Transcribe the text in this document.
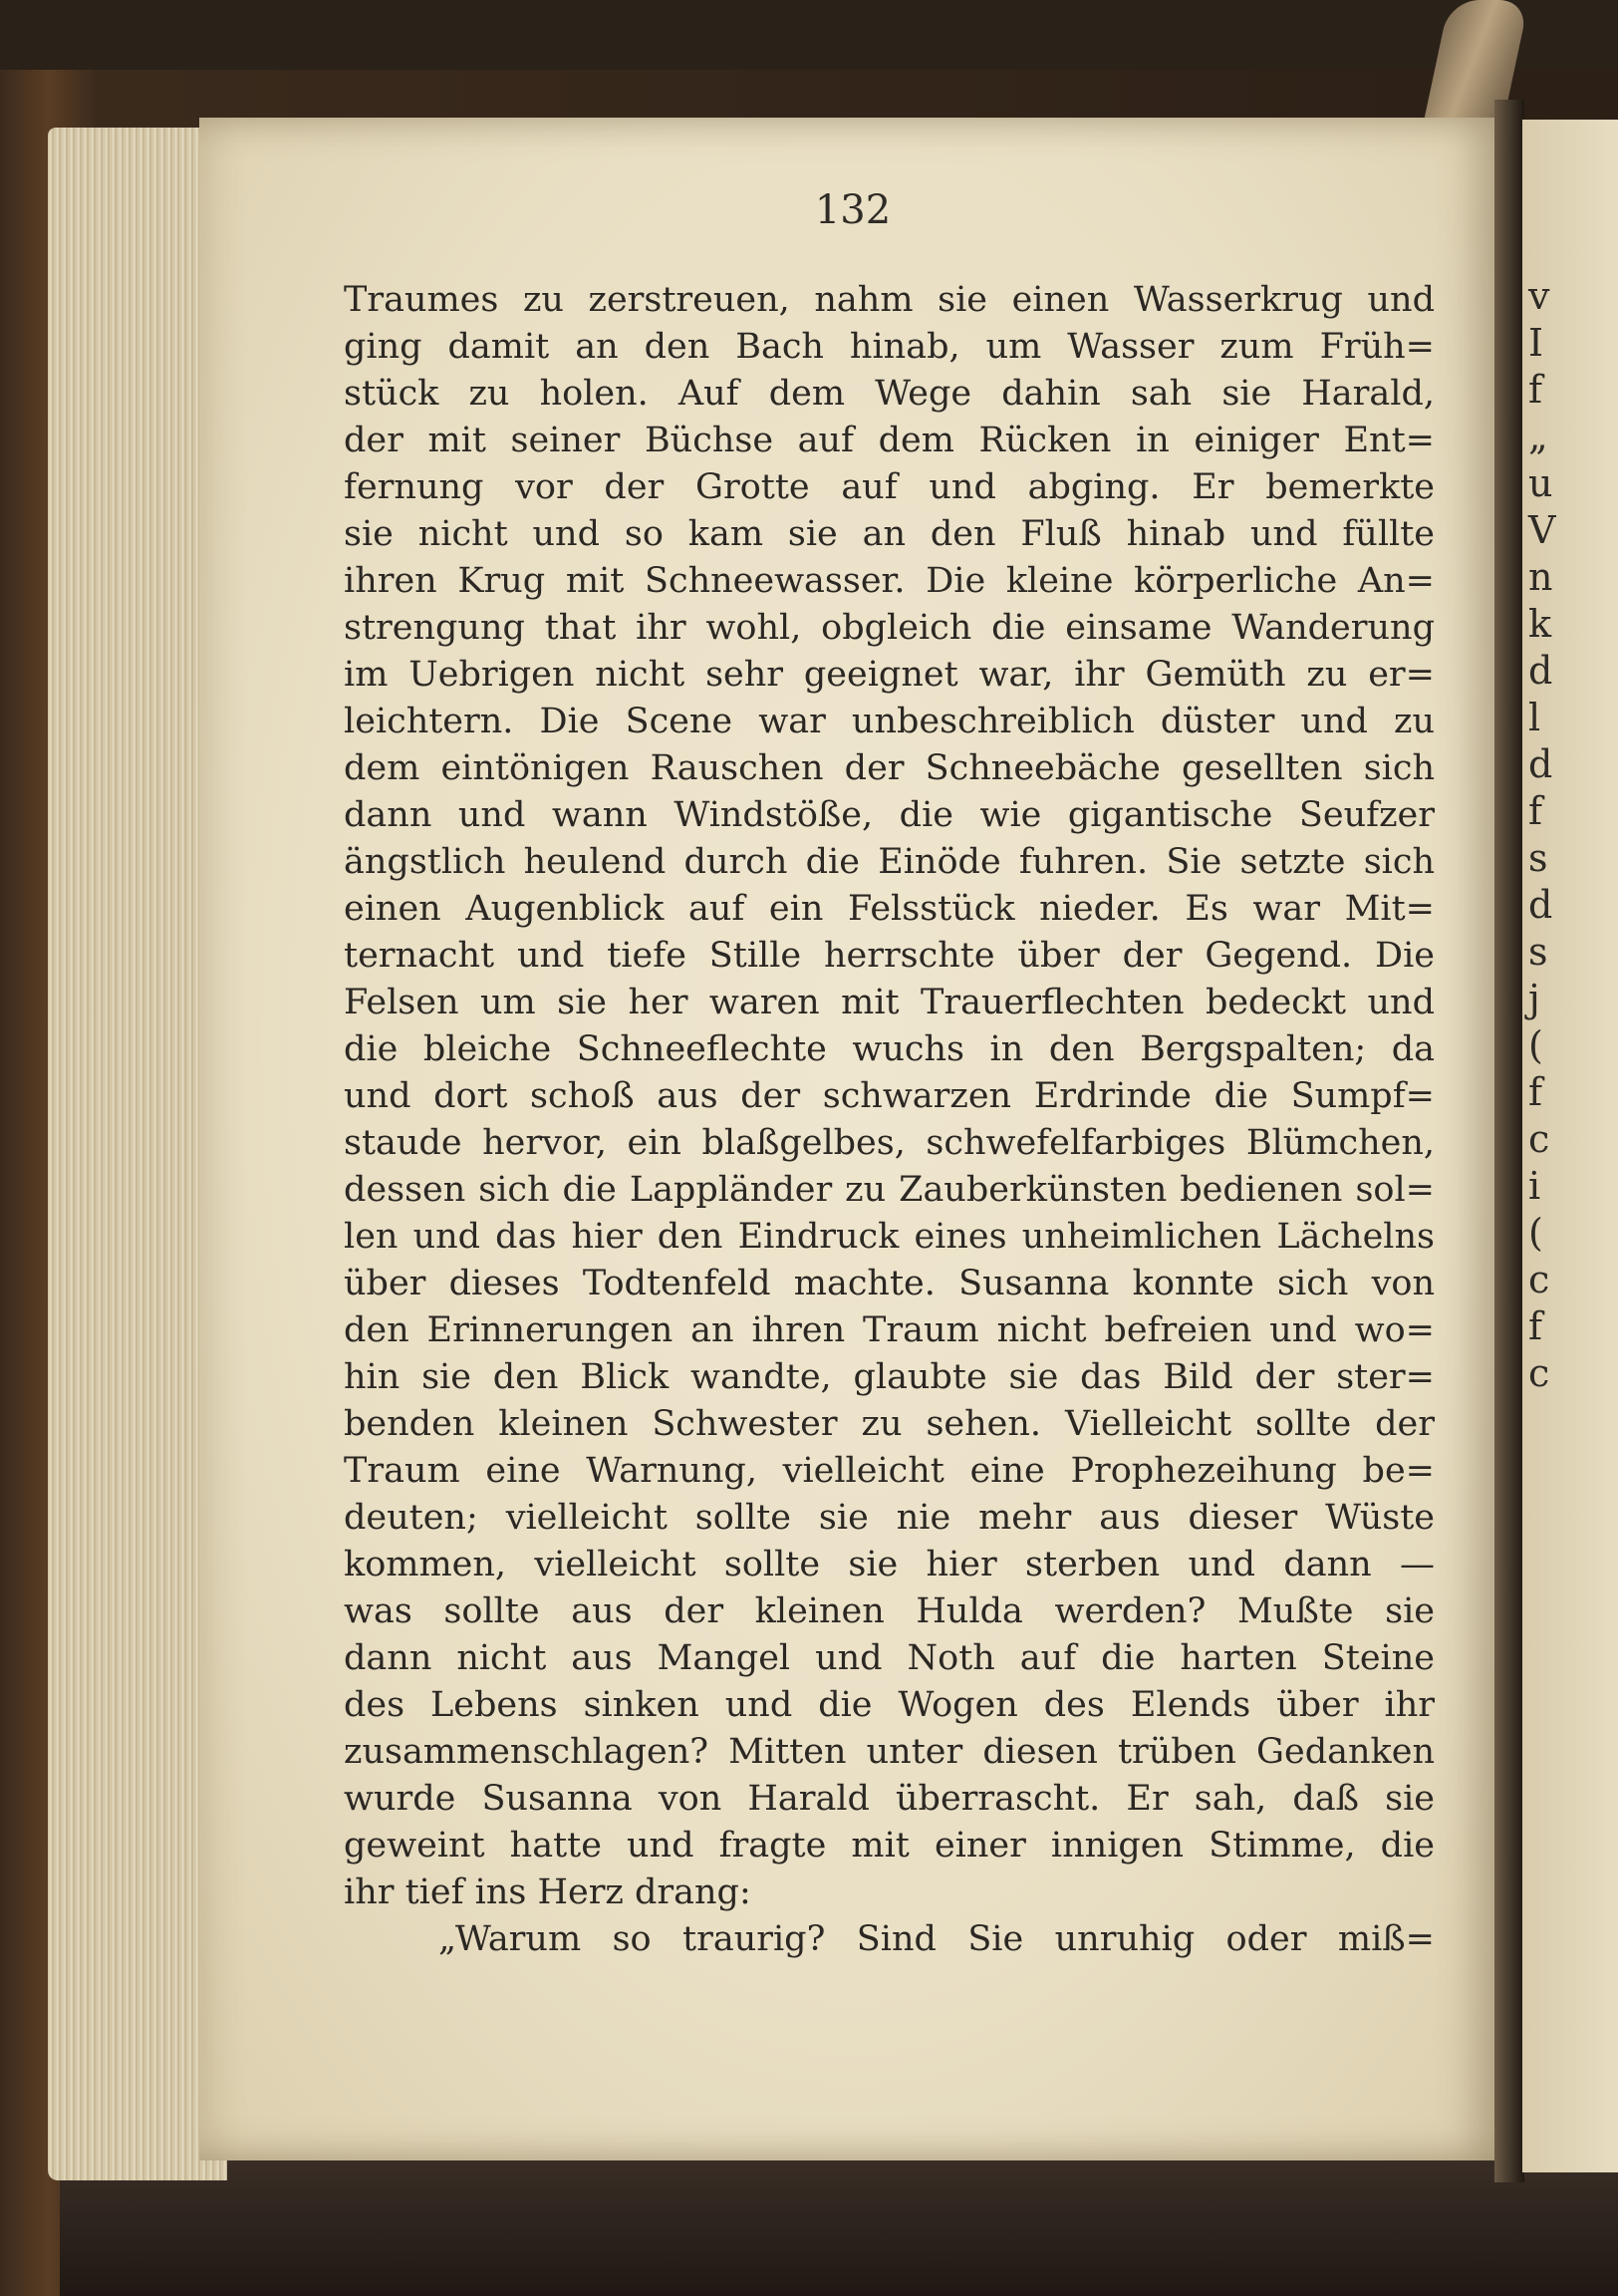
132
Traumes zu zerstreuen, nahm sie einen Wasserkrug und
ging damit an den Bach hinab, um Wasser zum Früh=
stück zu holen. Auf dem Wege dahin sah sie Harald,
der mit seiner Büchse auf dem Rücken in einiger Ent=
fernung vor der Grotte auf und abging. Er bemerkte
sie nicht und so kam sie an den Fluß hinab und füllte
ihren Krug mit Schneewasser. Die kleine körperliche An=
strengung that ihr wohl, obgleich die einsame Wanderung
im Uebrigen nicht sehr geeignet war, ihr Gemüth zu er=
leichtern. Die Scene war unbeschreiblich düster und zu
dem eintönigen Rauschen der Schneebäche gesellten sich
dann und wann Windstöße, die wie gigantische Seufzer
ängstlich heulend durch die Einöde fuhren. Sie setzte sich
einen Augenblick auf ein Felsstück nieder. Es war Mit=
ternacht und tiefe Stille herrschte über der Gegend. Die
Felsen um sie her waren mit Trauerflechten bedeckt und
die bleiche Schneeflechte wuchs in den Bergspalten; da
und dort schoß aus der schwarzen Erdrinde die Sumpf=
staude hervor, ein blaßgelbes, schwefelfarbiges Blümchen,
dessen sich die Lappländer zu Zauberkünsten bedienen sol=
len und das hier den Eindruck eines unheimlichen Lächelns
über dieses Todtenfeld machte. Susanna konnte sich von
den Erinnerungen an ihren Traum nicht befreien und wo=
hin sie den Blick wandte, glaubte sie das Bild der ster=
benden kleinen Schwester zu sehen. Vielleicht sollte der
Traum eine Warnung, vielleicht eine Prophezeihung be=
deuten; vielleicht sollte sie nie mehr aus dieser Wüste
kommen, vielleicht sollte sie hier sterben und dann —
was sollte aus der kleinen Hulda werden? Mußte sie
dann nicht aus Mangel und Noth auf die harten Steine
des Lebens sinken und die Wogen des Elends über ihr
zusammenschlagen? Mitten unter diesen trüben Gedanken
wurde Susanna von Harald überrascht. Er sah, daß sie
geweint hatte und fragte mit einer innigen Stimme, die
ihr tief ins Herz drang:
„Warum so traurig? Sind Sie unruhig oder miß=
v
I
f
„
u
V
n
k
d
l
d
f
s
d
s
j
(
f
c
i
(
c
f
c
